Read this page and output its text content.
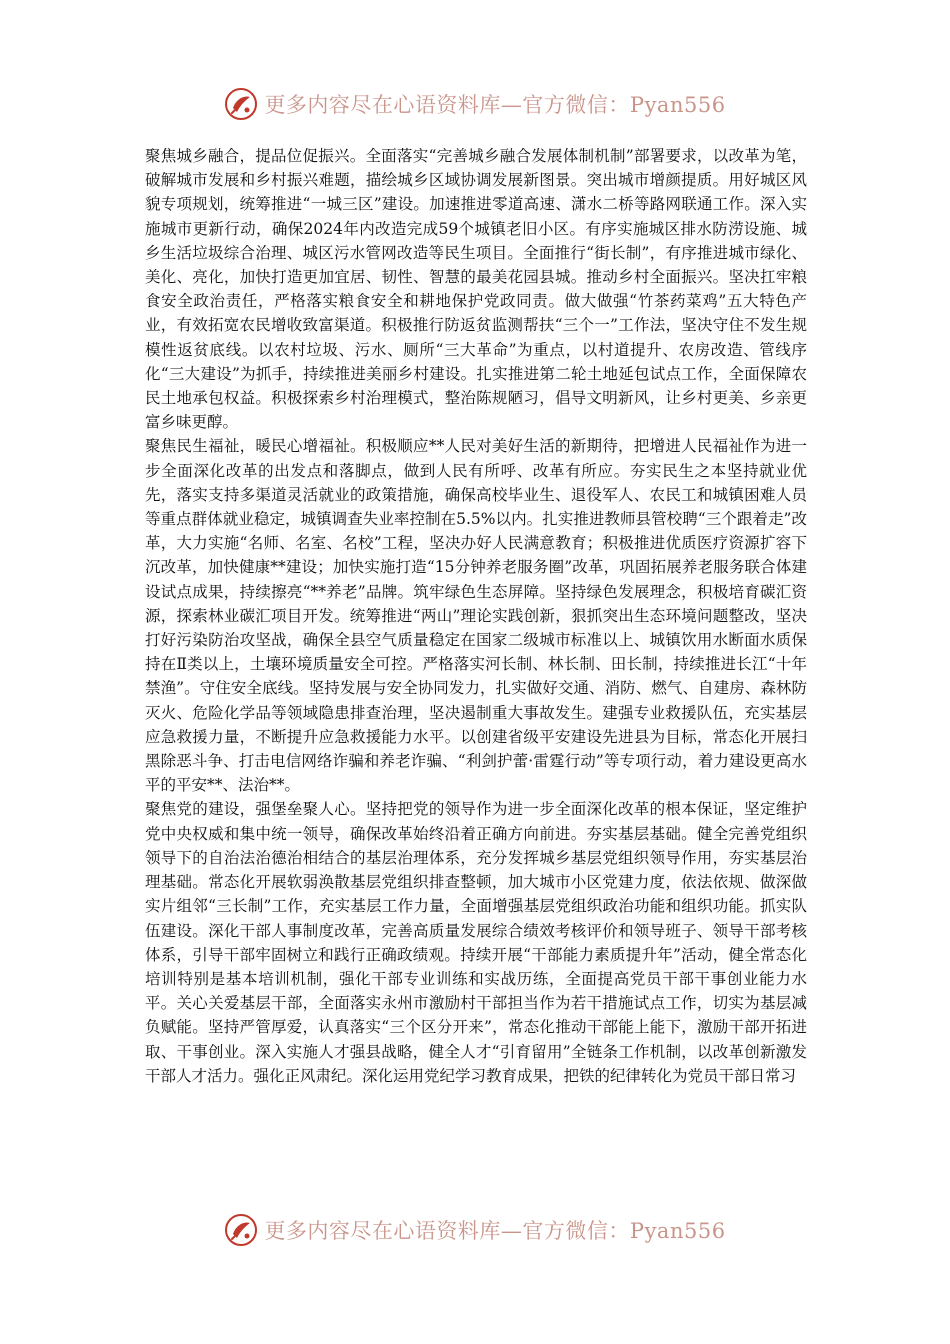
更多内容尽在心语资料库—官方微信：Pyan556

聚焦城乡融合，提品位促振兴。全面落实“完善城乡融合发展体制机制”部署要求，以改革为笔，破解城市发展和乡村振兴难题，描绘城乡区域协调发展新图景。突出城市增颜提质。用好城区风貌专项规划，统筹推进“一城三区”建设。加速推进零道高速、潇水二桥等路网联通工作。深入实施城市更新行动，确保2024年内改造完成59个城镇老旧小区。有序实施城区排水防涝设施、城乡生活垃圾综合治理、城区污水管网改造等民生项目。全面推行“街长制”，有序推进城市绿化、美化、亮化，加快打造更加宜居、韧性、智慧的最美花园县城。推动乡村全面振兴。坚决扛牢粮食安全政治责任，严格落实粮食安全和耕地保护党政同责。做大做强“竹茶药菜鸡”五大特色产业，有效拓宽农民增收致富渠道。积极推行防返贫监测帮扶“三个一”工作法，坚决守住不发生规模性返贫底线。以农村垃圾、污水、厕所“三大革命”为重点，以村道提升、农房改造、管线序化“三大建设”为抓手，持续推进美丽乡村建设。扎实推进第二轮土地延包试点工作，全面保障农民土地承包权益。积极探索乡村治理模式，整治陈规陋习，倡导文明新风，让乡村更美、乡亲更富乡味更醇。

聚焦民生福祉，暖民心增福祉。积极顺应**人民对美好生活的新期待，把增进人民福祉作为进一步全面深化改革的出发点和落脚点，做到人民有所呼、改革有所应。夯实民生之本坚持就业优先，落实支持多渠道灵活就业的政策措施，确保高校毕业生、退役军人、农民工和城镇困难人员等重点群体就业稳定，城镇调查失业率控制在5.5%以内。扎实推进教师县管校聘“三个跟着走”改革，大力实施“名师、名室、名校”工程，坚决办好人民满意教育；积极推进优质医疗资源扩容下沉改革，加快健康**建设；加快实施打造“15分钟养老服务圈”改革，巩固拓展养老服务联合体建设试点成果，持续擦亮“**养老”品牌。筑牢绿色生态屏障。坚持绿色发展理念，积极培育碳汇资源，探索林业碳汇项目开发。统筹推进“两山”理论实践创新，狠抓突出生态环境问题整改，坚决打好污染防治攻坚战，确保全县空气质量稳定在国家二级城市标准以上、城镇饮用水断面水质保持在Ⅱ类以上，土壤环境质量安全可控。严格落实河长制、林长制、田长制，持续推进长江“十年禁渔”。守住安全底线。坚持发展与安全协同发力，扎实做好交通、消防、燃气、自建房、森林防灭火、危险化学品等领域隐患排查治理，坚决遏制重大事故发生。建强专业救援队伍，充实基层应急救援力量，不断提升应急救援能力水平。以创建省级平安建设先进县为目标，常态化开展扫黑除恶斗争、打击电信网络诈骗和养老诈骗、“利剑护蕾·雷霆行动”等专项行动，着力建设更高水平的平安**、法治**。

聚焦党的建设，强堡垒聚人心。坚持把党的领导作为进一步全面深化改革的根本保证，坚定维护党中央权威和集中统一领导，确保改革始终沿着正确方向前进。夯实基层基础。健全完善党组织领导下的自治法治德治相结合的基层治理体系，充分发挥城乡基层党组织领导作用，夯实基层治理基础。常态化开展软弱涣散基层党组织排查整顿，加大城市小区党建力度，依法依规、做深做实片组邻“三长制”工作，充实基层工作力量，全面增强基层党组织政治功能和组织功能。抓实队伍建设。深化干部人事制度改革，完善高质量发展综合绩效考核评价和领导班子、领导干部考核体系，引导干部牢固树立和践行正确政绩观。持续开展“干部能力素质提升年”活动，健全常态化培训特别是基本培训机制，强化干部专业训练和实战历练，全面提高党员干部干事创业能力水平。关心关爱基层干部，全面落实永州市激励村干部担当作为若干措施试点工作，切实为基层减负赋能。坚持严管厚爱，认真落实“三个区分开来”，常态化推动干部能上能下，激励干部开拓进取、干事创业。深入实施人才强县战略，健全人才“引育留用”全链条工作机制，以改革创新激发干部人才活力。强化正风肃纪。深化运用党纪学习教育成果，把铁的纪律转化为党员干部日常习

更多内容尽在心语资料库—官方微信：Pyan556
